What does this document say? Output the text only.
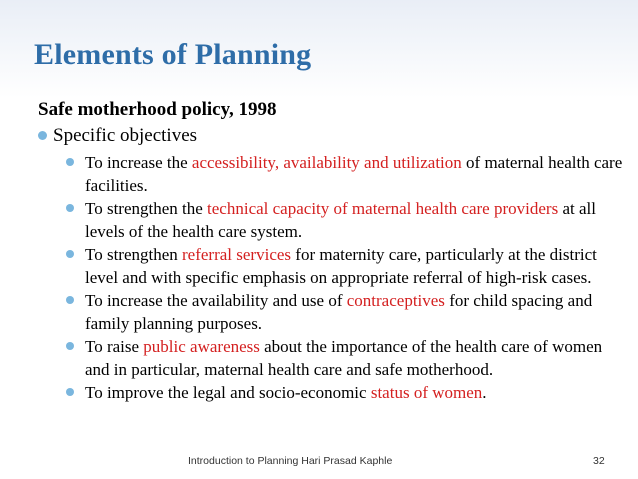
Elements of Planning
Safe motherhood policy, 1998
Specific objectives
To increase the accessibility, availability and utilization of maternal health care facilities.
To strengthen the technical capacity of maternal health care providers at all levels of the health care system.
To strengthen referral services for maternity care, particularly at the district level and with specific emphasis on appropriate referral of high-risk cases.
To increase the availability and use of contraceptives for child spacing and family planning purposes.
To raise public awareness about the importance of the health care of women and in particular, maternal health care and safe motherhood.
To improve the legal and socio-economic status of women.
Introduction to Planning Hari Prasad Kaphle	32
